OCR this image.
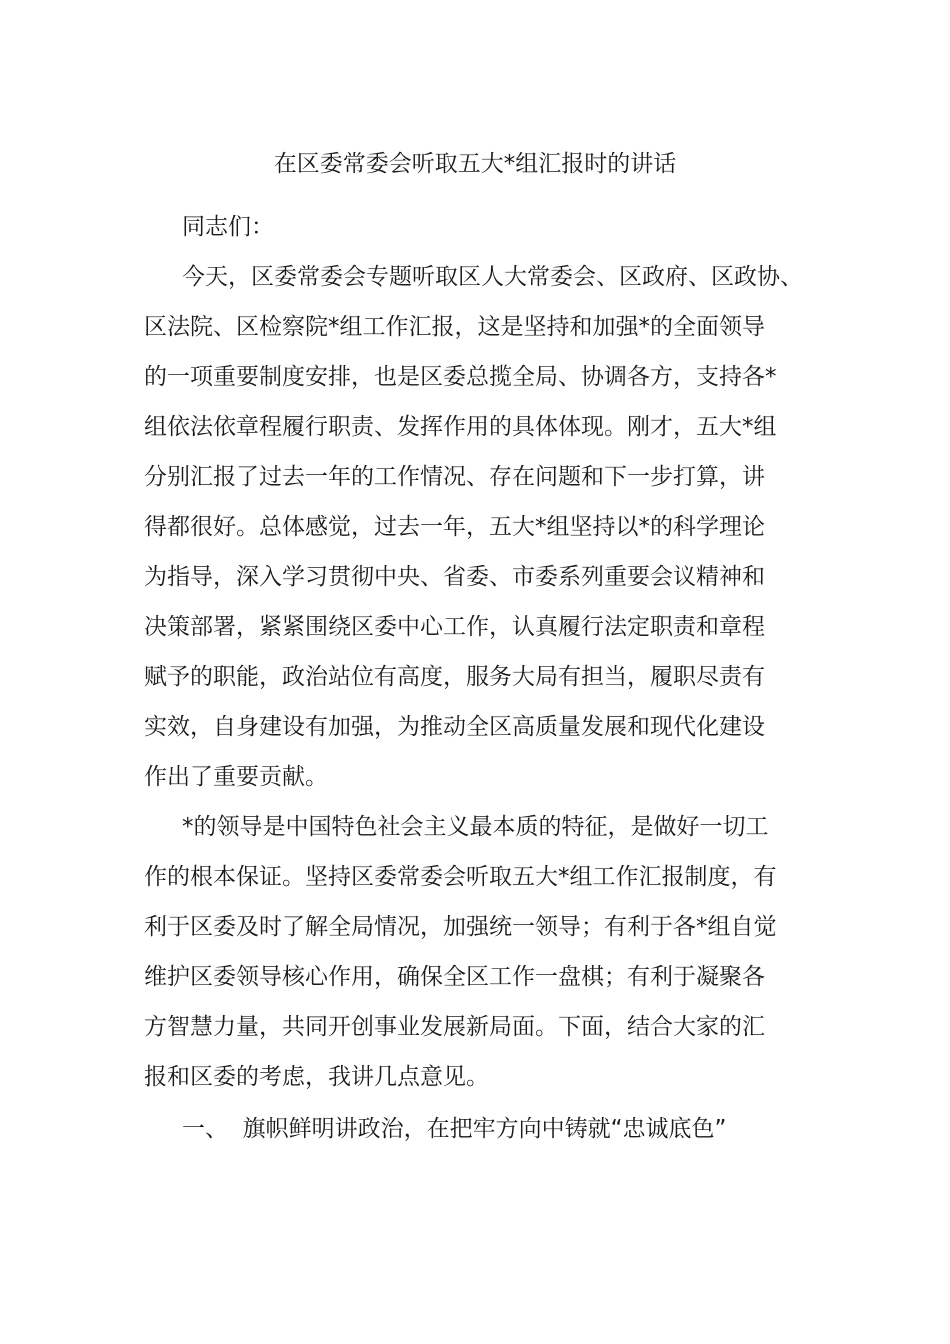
在区委常委会听取五大*组汇报时的讲话
同志们：
今天，区委常委会专题听取区人大常委会、区政府、区政协、
区法院、区检察院*组工作汇报，这是坚持和加强*的全面领导
的一项重要制度安排，也是区委总揽全局、协调各方，支持各*
组依法依章程履行职责、发挥作用的具体体现。刚才，五大*组
分别汇报了过去一年的工作情况、存在问题和下一步打算，讲
得都很好。总体感觉，过去一年，五大*组坚持以*的科学理论
为指导，深入学习贯彻中央、省委、市委系列重要会议精神和
决策部署，紧紧围绕区委中心工作，认真履行法定职责和章程
赋予的职能，政治站位有高度，服务大局有担当，履职尽责有
实效，自身建设有加强，为推动全区高质量发展和现代化建设
作出了重要贡献。
*的领导是中国特色社会主义最本质的特征，是做好一切工
作的根本保证。坚持区委常委会听取五大*组工作汇报制度，有
利于区委及时了解全局情况，加强统一领导；有利于各*组自觉
维护区委领导核心作用，确保全区工作一盘棋；有利于凝聚各
方智慧力量，共同开创事业发展新局面。下面，结合大家的汇
报和区委的考虑，我讲几点意见。
一、  旗帜鲜明讲政治，在把牢方向中铸就“忠诚底色”
